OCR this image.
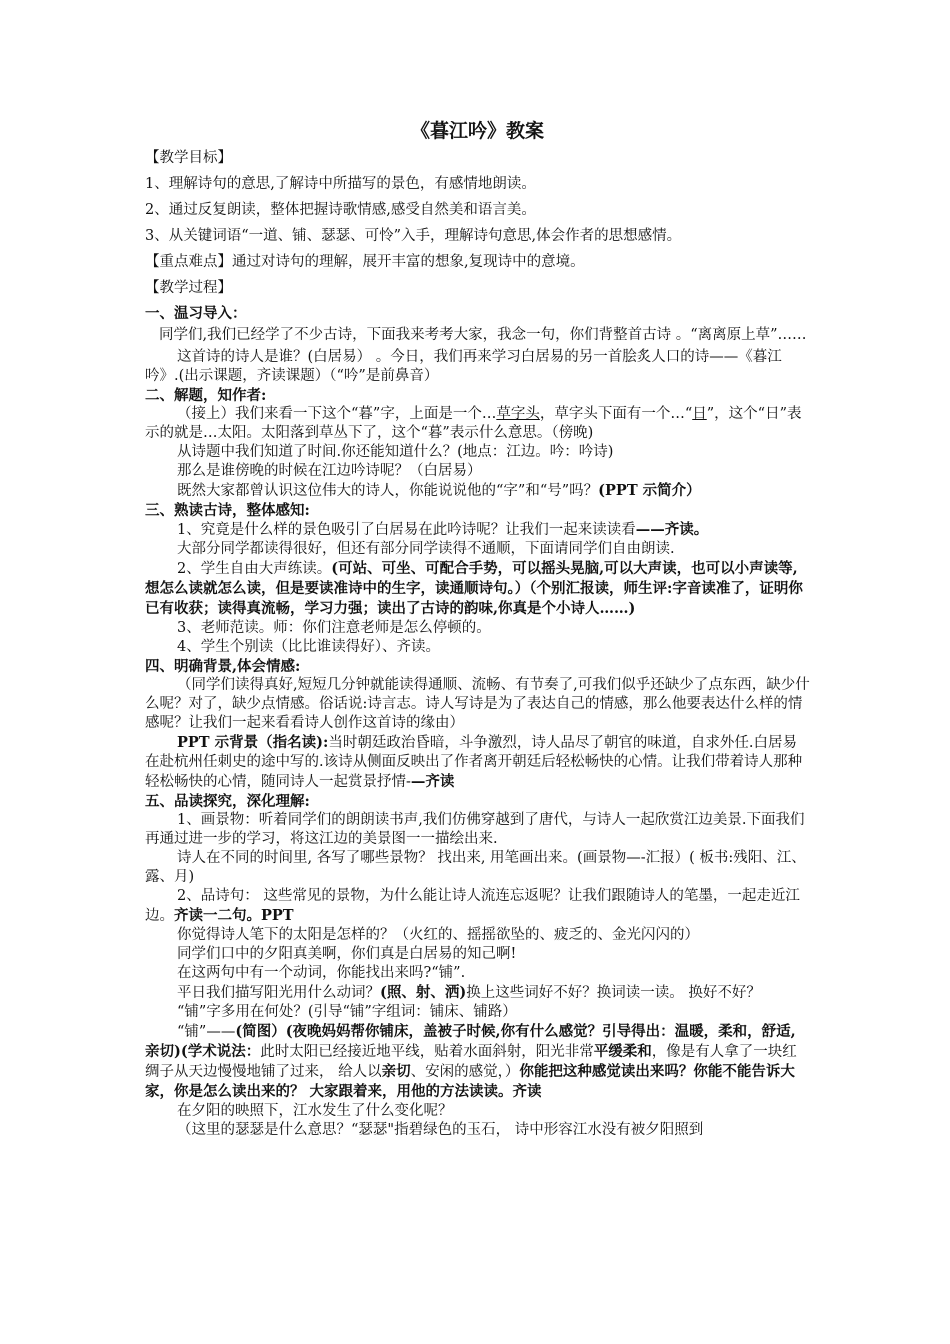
《暮江吟》教案

【教学目标】

1、理解诗句的意思,了解诗中所描写的景色，有感情地朗读。

2、通过反复朗读，整体把握诗歌情感,感受自然美和语言美。

3、从关键词语“一道、铺、瑟瑟、可怜”入手，理解诗句意思,体会作者的思想感情。

【重点难点】通过对诗句的理解，展开丰富的想象,复现诗中的意境。

【教学过程】

一、温习导入：

同学们,我们已经学了不少古诗，下面我来考考大家，我念一句，你们背整首古诗 。“离离原上草”……

这首诗的诗人是谁？(白居易） 。今日，我们再来学习白居易的另一首脍炙人口的诗——《暮江吟》.(出示课题，齐读课题）（“吟”是前鼻音）

二、解题，知作者:

（接上）我们来看一下这个“暮”字，上面是一个…草字头，草字头下面有一个…“日”，这个“日”表示的就是…太阳。太阳落到草丛下了，这个“暮”表示什么意思。（傍晚)

从诗题中我们知道了时间.你还能知道什么？(地点：江边。吟：吟诗)

那么是谁傍晚的时候在江边吟诗呢？（白居易）

既然大家都曾认识这位伟大的诗人，你能说说他的“字”和“号”吗？(PPT 示简介）

三、熟读古诗，整体感知:

1、究竟是什么样的景色吸引了白居易在此吟诗呢？让我们一起来读读看——齐读。

大部分同学都读得很好，但还有部分同学读得不通顺，下面请同学们自由朗读.

2、学生自由大声练读。(可站、可坐、可配合手势，可以摇头晃脑,可以大声读，也可以小声读等,想怎么读就怎么读，但是要读准诗中的生字，读通顺诗句。）（个别汇报读，师生评:字音读准了，证明你已有收获；读得真流畅，学习力强；读出了古诗的韵味,你真是个小诗人……)

3、老师范读。师：你们注意老师是怎么停顿的。

4、学生个别读（比比谁读得好）、齐读。

四、明确背景,体会情感:

（同学们读得真好,短短几分钟就能读得通顺、流畅、有节奏了,可我们似乎还缺少了点东西，缺少什么呢？对了，缺少点情感。俗话说:诗言志。诗人写诗是为了表达自己的情感，那么他要表达什么样的情感呢？让我们一起来看看诗人创作这首诗的缘由）

PPT 示背景（指名读):当时朝廷政治昏暗，斗争激烈，诗人品尽了朝官的味道，自求外任.白居易在赴杭州任刺史的途中写的.该诗从侧面反映出了作者离开朝廷后轻松畅快的心情。让我们带着诗人那种轻松畅快的心情，随同诗人一起赏景抒情-—齐读

五、品读探究，深化理解:

1、画景物：听着同学们的朗朗读书声,我们仿佛穿越到了唐代，与诗人一起欣赏江边美景.下面我们再通过进一步的学习，将这江边的美景图一一描绘出来.

诗人在不同的时间里, 各写了哪些景物？ 找出来, 用笔画出来。(画景物—-汇报）( 板书:残阳、江、露、月)

2、品诗句： 这些常见的景物，为什么能让诗人流连忘返呢？让我们跟随诗人的笔墨，一起走近江边。齐读一二句。PPT

你觉得诗人笔下的太阳是怎样的？（火红的、摇摇欲坠的、疲乏的、金光闪闪的）

同学们口中的夕阳真美啊，你们真是白居易的知己啊!

在这两句中有一个动词，你能找出来吗?“铺”.

平日我们描写阳光用什么动词？(照、射、洒)换上这些词好不好？换词读一读。 换好不好？

“铺”字多用在何处？(引导“铺”字组词：铺床、铺路）

“铺”——(简图）(夜晚妈妈帮你铺床，盖被子时候,你有什么感觉？引导得出：温暖，柔和，舒适,亲切)(学术说法：此时太阳已经接近地平线，贴着水面斜射，阳光非常平缓柔和，像是有人拿了一块红绸子从天边慢慢地铺了过来， 给人以亲切、安闲的感觉，）你能把这种感觉读出来吗？你能不能告诉大家，你是怎么读出来的？ 大家跟着来，用他的方法读读。齐读

在夕阳的映照下，江水发生了什么变化呢？

（这里的瑟瑟是什么意思？“瑟瑟"指碧绿色的玉石， 诗中形容江水没有被夕阳照到
